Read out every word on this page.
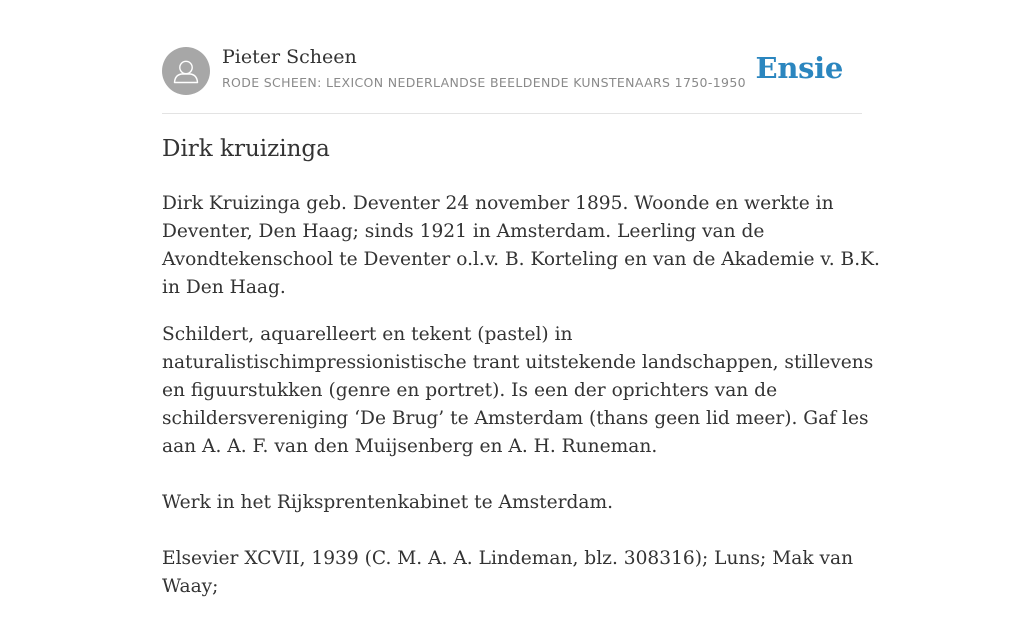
Pieter Scheen

RODE SCHEEN: LEXICON NEDERLANDSE BEELDENDE KUNSTENAARS 1750-1950 Ensie

Dirk kruizinga

Dirk Kruizinga geb. Deventer 24 november 1895. Woonde en werkte in Deventer, Den Haag; sinds 1921 in Amsterdam. Leerling van de Avondtekenschool te Deventer o.l.v. B. Korteling en van de Akademie v. B.K. in Den Haag.

Schildert, aquarelleert en tekent (pastel) in naturalistischimpressionistische trant uitstekende landschappen, stillevens en figuurstukken (genre en portret). Is een der oprichters van de schildersvereniging ‘De Brug’ te Amsterdam (thans geen lid meer). Gaf les aan A. A. F. van den Muijsenberg en A. H. Runeman.

Werk in het Rijksprentenkabinet te Amsterdam.

Elsevier XCVII, 1939 (C. M. A. A. Lindeman, blz. 308316); Luns; Mak van Waay;
